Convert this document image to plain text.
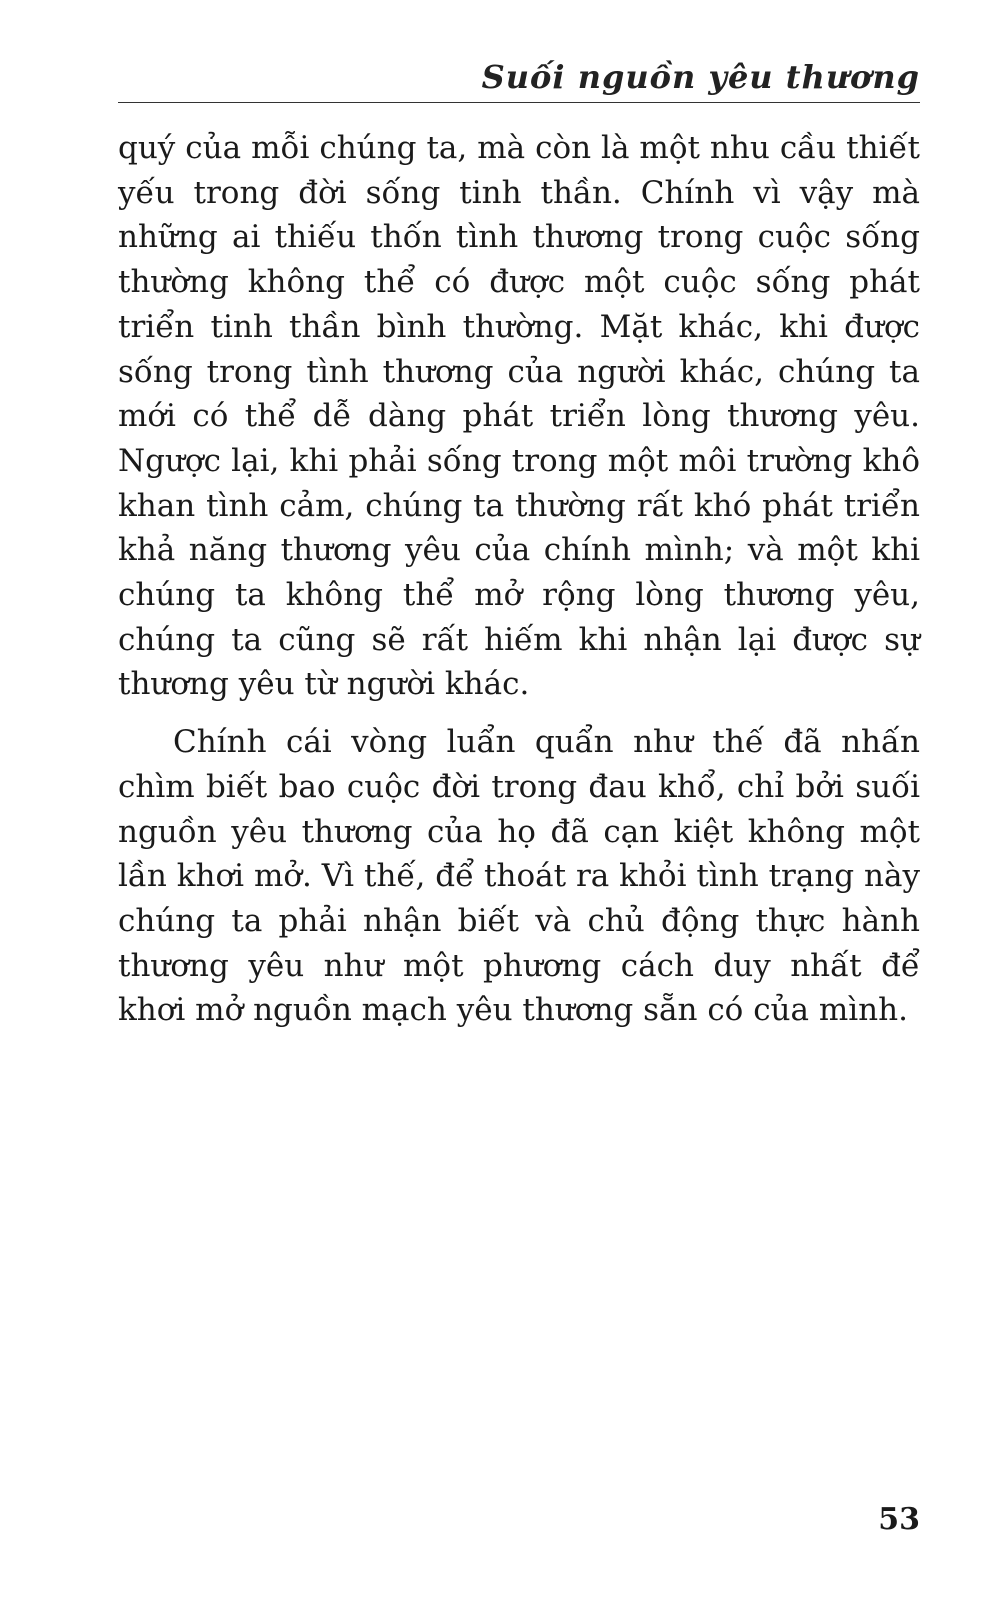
Suối nguồn yêu thương

quý của mỗi chúng ta, mà còn là một nhu cầu thiết yếu trong đời sống tinh thần. Chính vì vậy mà những ai thiếu thốn tình thương trong cuộc sống thường không thể có được một cuộc sống phát triển tinh thần bình thường. Mặt khác, khi được sống trong tình thương của người khác, chúng ta mới có thể dễ dàng phát triển lòng thương yêu. Ngược lại, khi phải sống trong một môi trường khô khan tình cảm, chúng ta thường rất khó phát triển khả năng thương yêu của chính mình; và một khi chúng ta không thể mở rộng lòng thương yêu, chúng ta cũng sẽ rất hiếm khi nhận lại được sự thương yêu từ người khác.

Chính cái vòng luẩn quẩn như thế đã nhấn chìm biết bao cuộc đời trong đau khổ, chỉ bởi suối nguồn yêu thương của họ đã cạn kiệt không một lần khơi mở. Vì thế, để thoát ra khỏi tình trạng này chúng ta phải nhận biết và chủ động thực hành thương yêu như một phương cách duy nhất để khơi mở nguồn mạch yêu thương sẵn có của mình.

53
